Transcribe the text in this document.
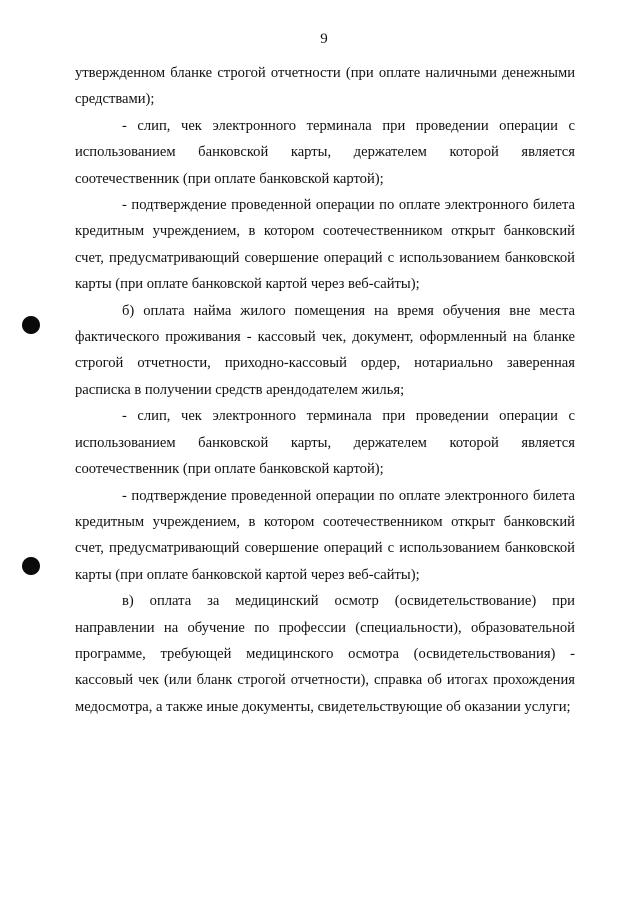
9

утвержденном бланке строгой отчетности (при оплате наличными денежными средствами);

- слип, чек электронного терминала при проведении операции с использованием банковской карты, держателем которой является соотечественник (при оплате банковской картой);

- подтверждение проведенной операции по оплате электронного билета кредитным учреждением, в котором соотечественником открыт банковский счет, предусматривающий совершение операций с использованием банковской карты (при оплате банковской картой через веб-сайты);

б) оплата найма жилого помещения на время обучения вне места фактического проживания - кассовый чек, документ, оформленный на бланке строгой отчетности, приходно-кассовый ордер, нотариально заверенная расписка в получении средств арендодателем жилья;

- слип, чек электронного терминала при проведении операции с использованием банковской карты, держателем которой является соотечественник (при оплате банковской картой);

- подтверждение проведенной операции по оплате электронного билета кредитным учреждением, в котором соотечественником открыт банковский счет, предусматривающий совершение операций с использованием банковской карты (при оплате банковской картой через веб-сайты);

в) оплата за медицинский осмотр (освидетельствование) при направлении на обучение по профессии (специальности), образовательной программе, требующей медицинского осмотра (освидетельствования) - кассовый чек (или бланк строгой отчетности), справка об итогах прохождения медосмотра, а также иные документы, свидетельствующие об оказании услуги;
